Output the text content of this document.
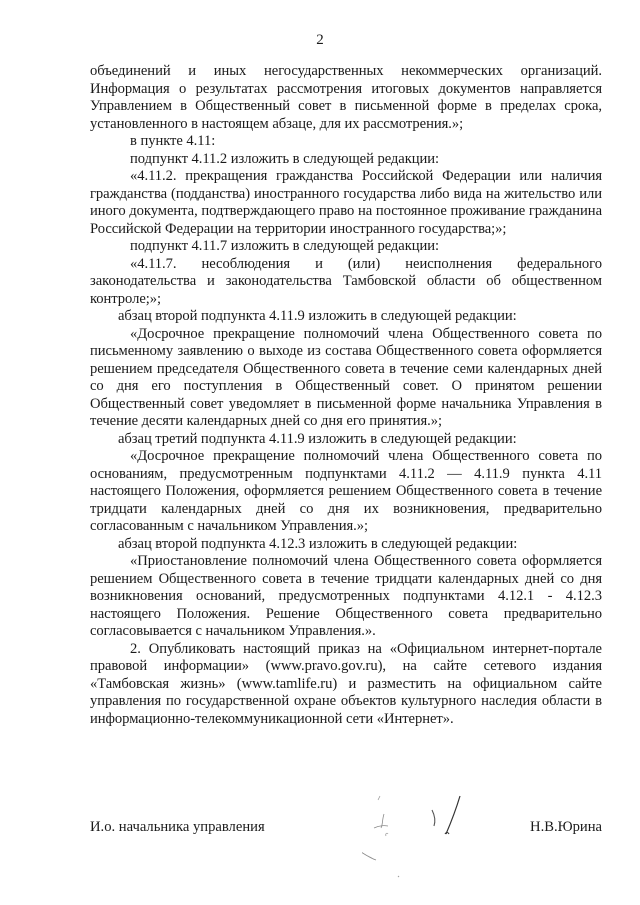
2

объединений и иных негосударственных некоммерческих организаций. Информация о результатах рассмотрения итоговых документов направляется Управлением в Общественный совет в письменной форме в пределах срока, установленного в настоящем абзаце, для их рассмотрения.»;

в пункте 4.11:

подпункт 4.11.2 изложить в следующей редакции:

«4.11.2. прекращения гражданства Российской Федерации или наличия гражданства (подданства) иностранного государства либо вида на жительство или иного документа, подтверждающего право на постоянное проживание гражданина Российской Федерации на территории иностранного государства;»;

подпункт 4.11.7 изложить в следующей редакции:

«4.11.7. несоблюдения и (или) неисполнения федерального законодательства и законодательства Тамбовской области об общественном контроле;»;

абзац второй подпункта 4.11.9 изложить в следующей редакции:

«Досрочное прекращение полномочий члена Общественного совета по письменному заявлению о выходе из состава Общественного совета оформляется решением председателя Общественного совета в течение семи календарных дней со дня его поступления в Общественный совет. О принятом решении Общественный совет уведомляет в письменной форме начальника Управления в течение десяти календарных дней со дня его принятия.»;

абзац третий подпункта 4.11.9 изложить в следующей редакции:

«Досрочное прекращение полномочий члена Общественного совета по основаниям, предусмотренным подпунктами 4.11.2 — 4.11.9 пункта 4.11 настоящего Положения, оформляется решением Общественного совета в течение тридцати календарных дней со дня их возникновения, предварительно согласованным с начальником Управления.»;

абзац второй подпункта 4.12.3 изложить в следующей редакции:

«Приостановление полномочий члена Общественного совета оформляется решением Общественного совета в течение тридцати календарных дней со дня возникновения оснований, предусмотренных подпунктами 4.12.1 - 4.12.3 настоящего Положения. Решение Общественного совета предварительно согласовывается с начальником Управления.».

2. Опубликовать настоящий приказ на «Официальном интернет-портале правовой информации» (www.pravo.gov.ru), на сайте сетевого издания «Тамбовская жизнь» (www.tamlife.ru) и разместить на официальном сайте управления по государственной охране объектов культурного наследия области в информационно-телекоммуникационной сети «Интернет».

И.о. начальника управления	Н.В.Юрина
